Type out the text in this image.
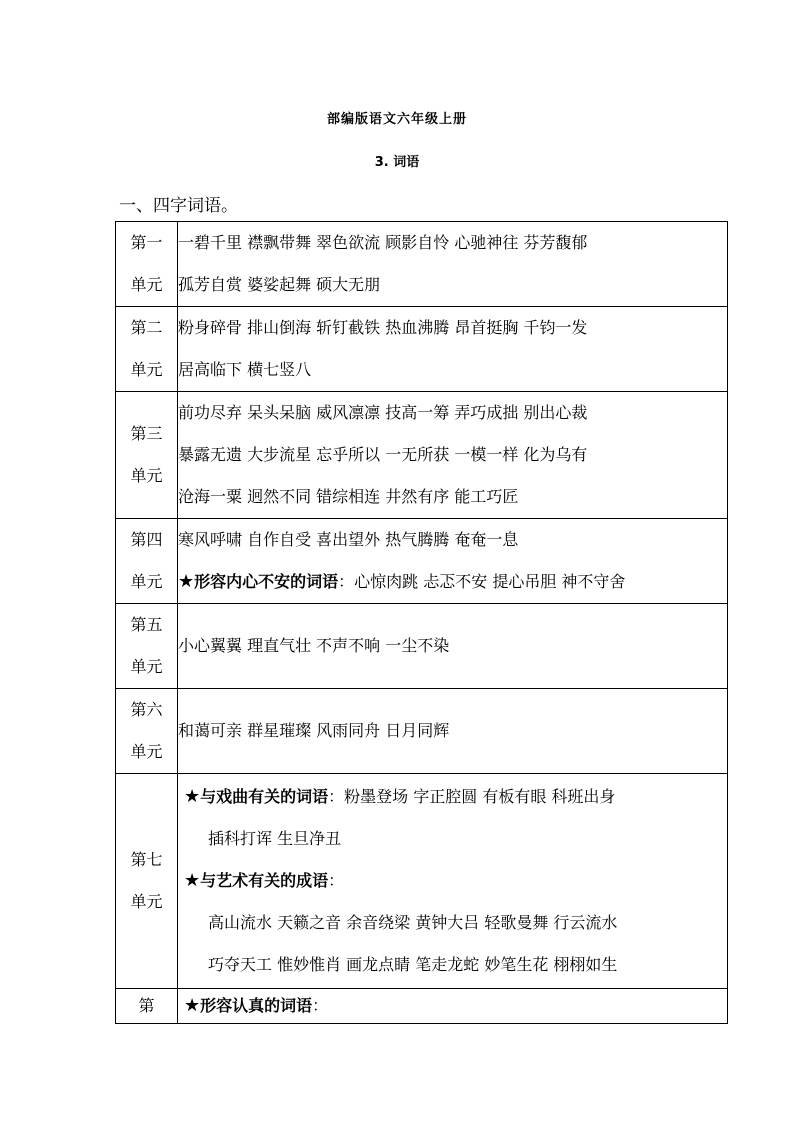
部编版语文六年级上册
3. 词语
一、四字词语。
第一
单元	一碧千里 襟飘带舞 翠色欲流 顾影自怜 心驰神往 芬芳馥郁
孤芳自赏 婆娑起舞 硕大无朋

第二
单元	粉身碎骨 排山倒海 斩钉截铁 热血沸腾 昂首挺胸 千钧一发
居高临下 横七竖八

第三
单元	前功尽弃 呆头呆脑 威风凛凛 技高一筹 弄巧成拙 别出心裁
暴露无遗 大步流星 忘乎所以 一无所获 一模一样 化为乌有
沧海一粟 迥然不同 错综相连 井然有序 能工巧匠

第四
单元	寒风呼啸 自作自受 喜出望外 热气腾腾 奄奄一息
★形容内心不安的词语：心惊肉跳 忐忑不安 提心吊胆 神不守舍

第五
单元	小心翼翼 理直气壮 不声不响 一尘不染

第六
单元	和蔼可亲 群星璀璨 风雨同舟 日月同辉

第七
单元	★与戏曲有关的词语：粉墨登场 字正腔圆 有板有眼 科班出身
插科打诨 生旦净丑
★与艺术有关的成语：
高山流水 天籁之音 余音绕梁 黄钟大吕 轻歌曼舞 行云流水
巧夺天工 惟妙惟肖 画龙点睛 笔走龙蛇 妙笔生花 栩栩如生

第	★形容认真的词语：
